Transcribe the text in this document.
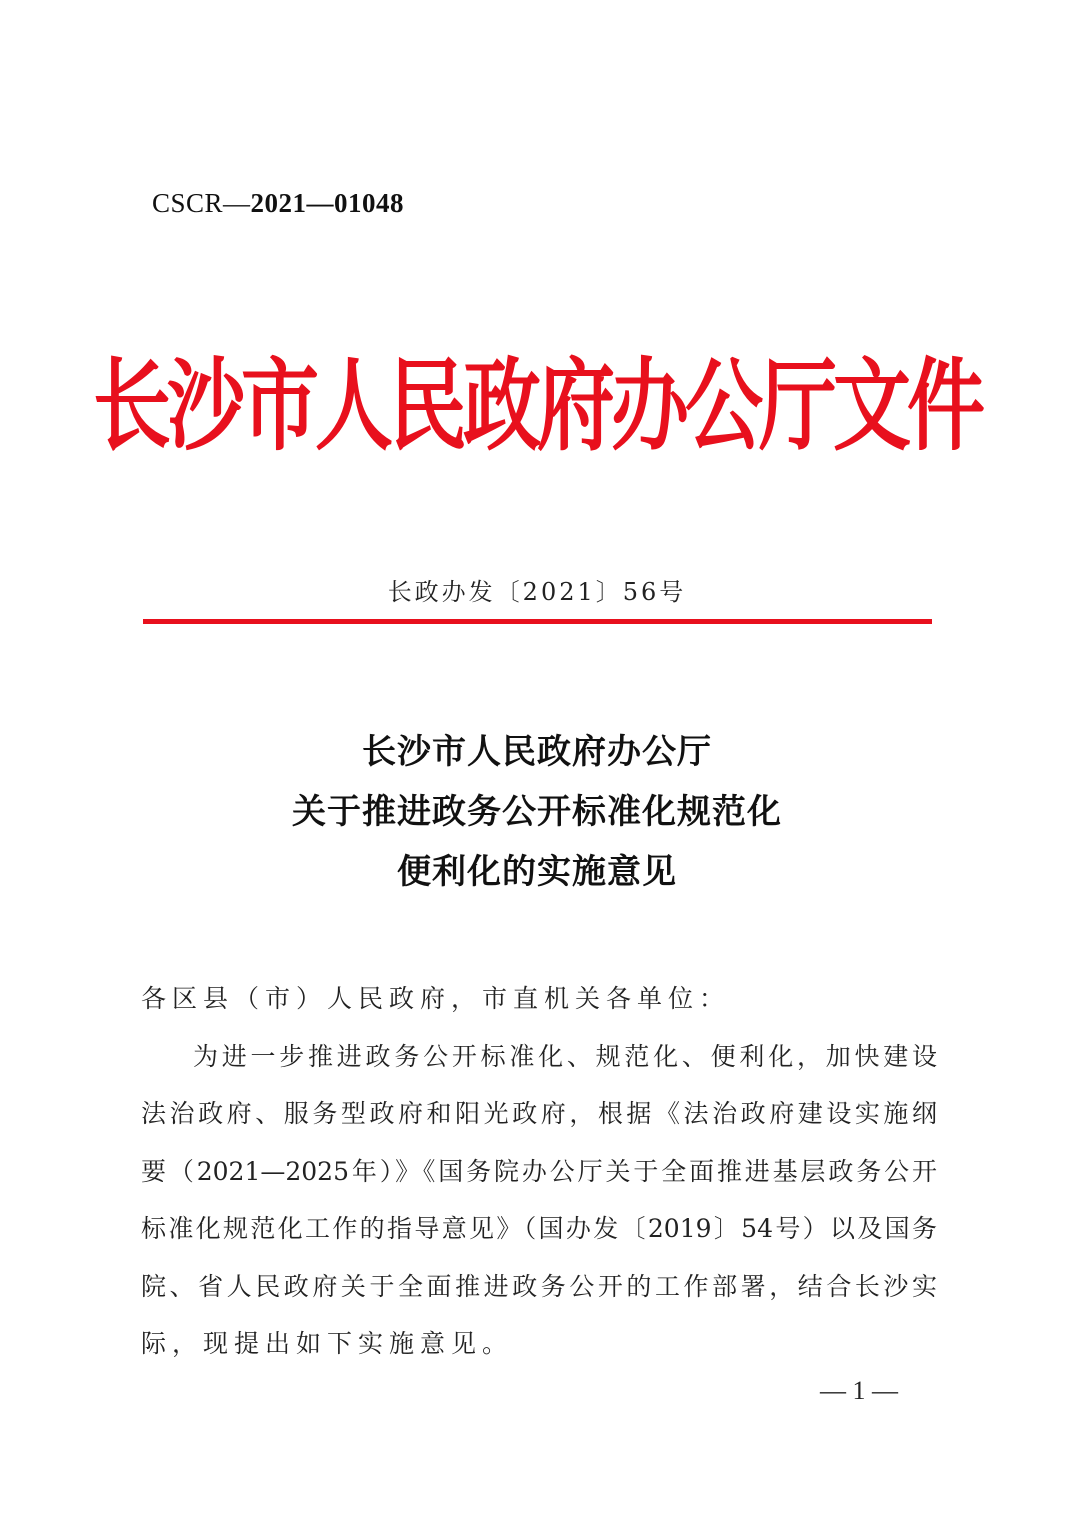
CSCR—2021—01048
长沙市人民政府办公厅文件
长政办发〔2021〕56号
长沙市人民政府办公厅
关于推进政务公开标准化规范化
便利化的实施意见
各区县（市）人民政府，市直机关各单位：
为进一步推进政务公开标准化、规范化、便利化，加快建设
法治政府、服务型政府和阳光政府，根据《法治政府建设实施纲
要（2021—2025年）》《国务院办公厅关于全面推进基层政务公开
标准化规范化工作的指导意见》（国办发〔2019〕54号）以及国务
院、省人民政府关于全面推进政务公开的工作部署，结合长沙实
际，现提出如下实施意见。
— 1 —
